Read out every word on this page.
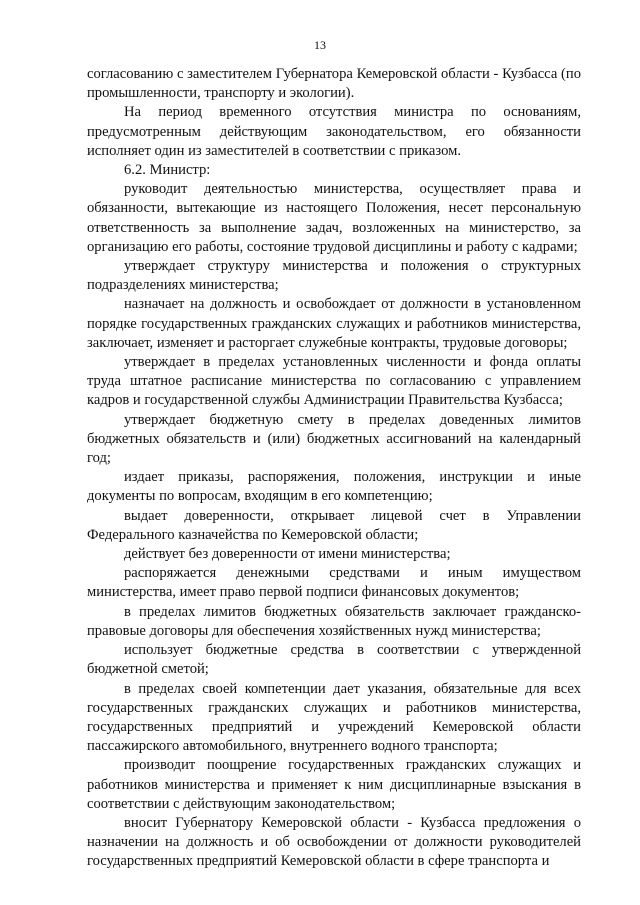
13

согласованию с заместителем Губернатора Кемеровской области - Кузбасса (по промышленности, транспорту и экологии).

На период временного отсутствия министра по основаниям, предусмотренным действующим законодательством, его обязанности исполняет один из заместителей в соответствии с приказом.

6.2. Министр:

руководит деятельностью министерства, осуществляет права и обязанности, вытекающие из настоящего Положения, несет персональную ответственность за выполнение задач, возложенных на министерство, за организацию его работы, состояние трудовой дисциплины и работу с кадрами;

утверждает структуру министерства и положения о структурных подразделениях министерства;

назначает на должность и освобождает от должности в установленном порядке государственных гражданских служащих и работников министерства, заключает, изменяет и расторгает служебные контракты, трудовые договоры;

утверждает в пределах установленных численности и фонда оплаты труда штатное расписание министерства по согласованию с управлением кадров и государственной службы Администрации Правительства Кузбасса;

утверждает бюджетную смету в пределах доведенных лимитов бюджетных обязательств и (или) бюджетных ассигнований на календарный год;

издает приказы, распоряжения, положения, инструкции и иные документы по вопросам, входящим в его компетенцию;

выдает доверенности, открывает лицевой счет в Управлении Федерального казначейства по Кемеровской области;

действует без доверенности от имени министерства;

распоряжается денежными средствами и иным имуществом министерства, имеет право первой подписи финансовых документов;

в пределах лимитов бюджетных обязательств заключает гражданско-правовые договоры для обеспечения хозяйственных нужд министерства;

использует бюджетные средства в соответствии с утвержденной бюджетной сметой;

в пределах своей компетенции дает указания, обязательные для всех государственных гражданских служащих и работников министерства, государственных предприятий и учреждений Кемеровской области пассажирского автомобильного, внутреннего водного транспорта;

производит поощрение государственных гражданских служащих и работников министерства и применяет к ним дисциплинарные взыскания в соответствии с действующим законодательством;

вносит Губернатору Кемеровской области - Кузбасса предложения о назначении на должность и об освобождении от должности руководителей государственных предприятий Кемеровской области в сфере транспорта и
